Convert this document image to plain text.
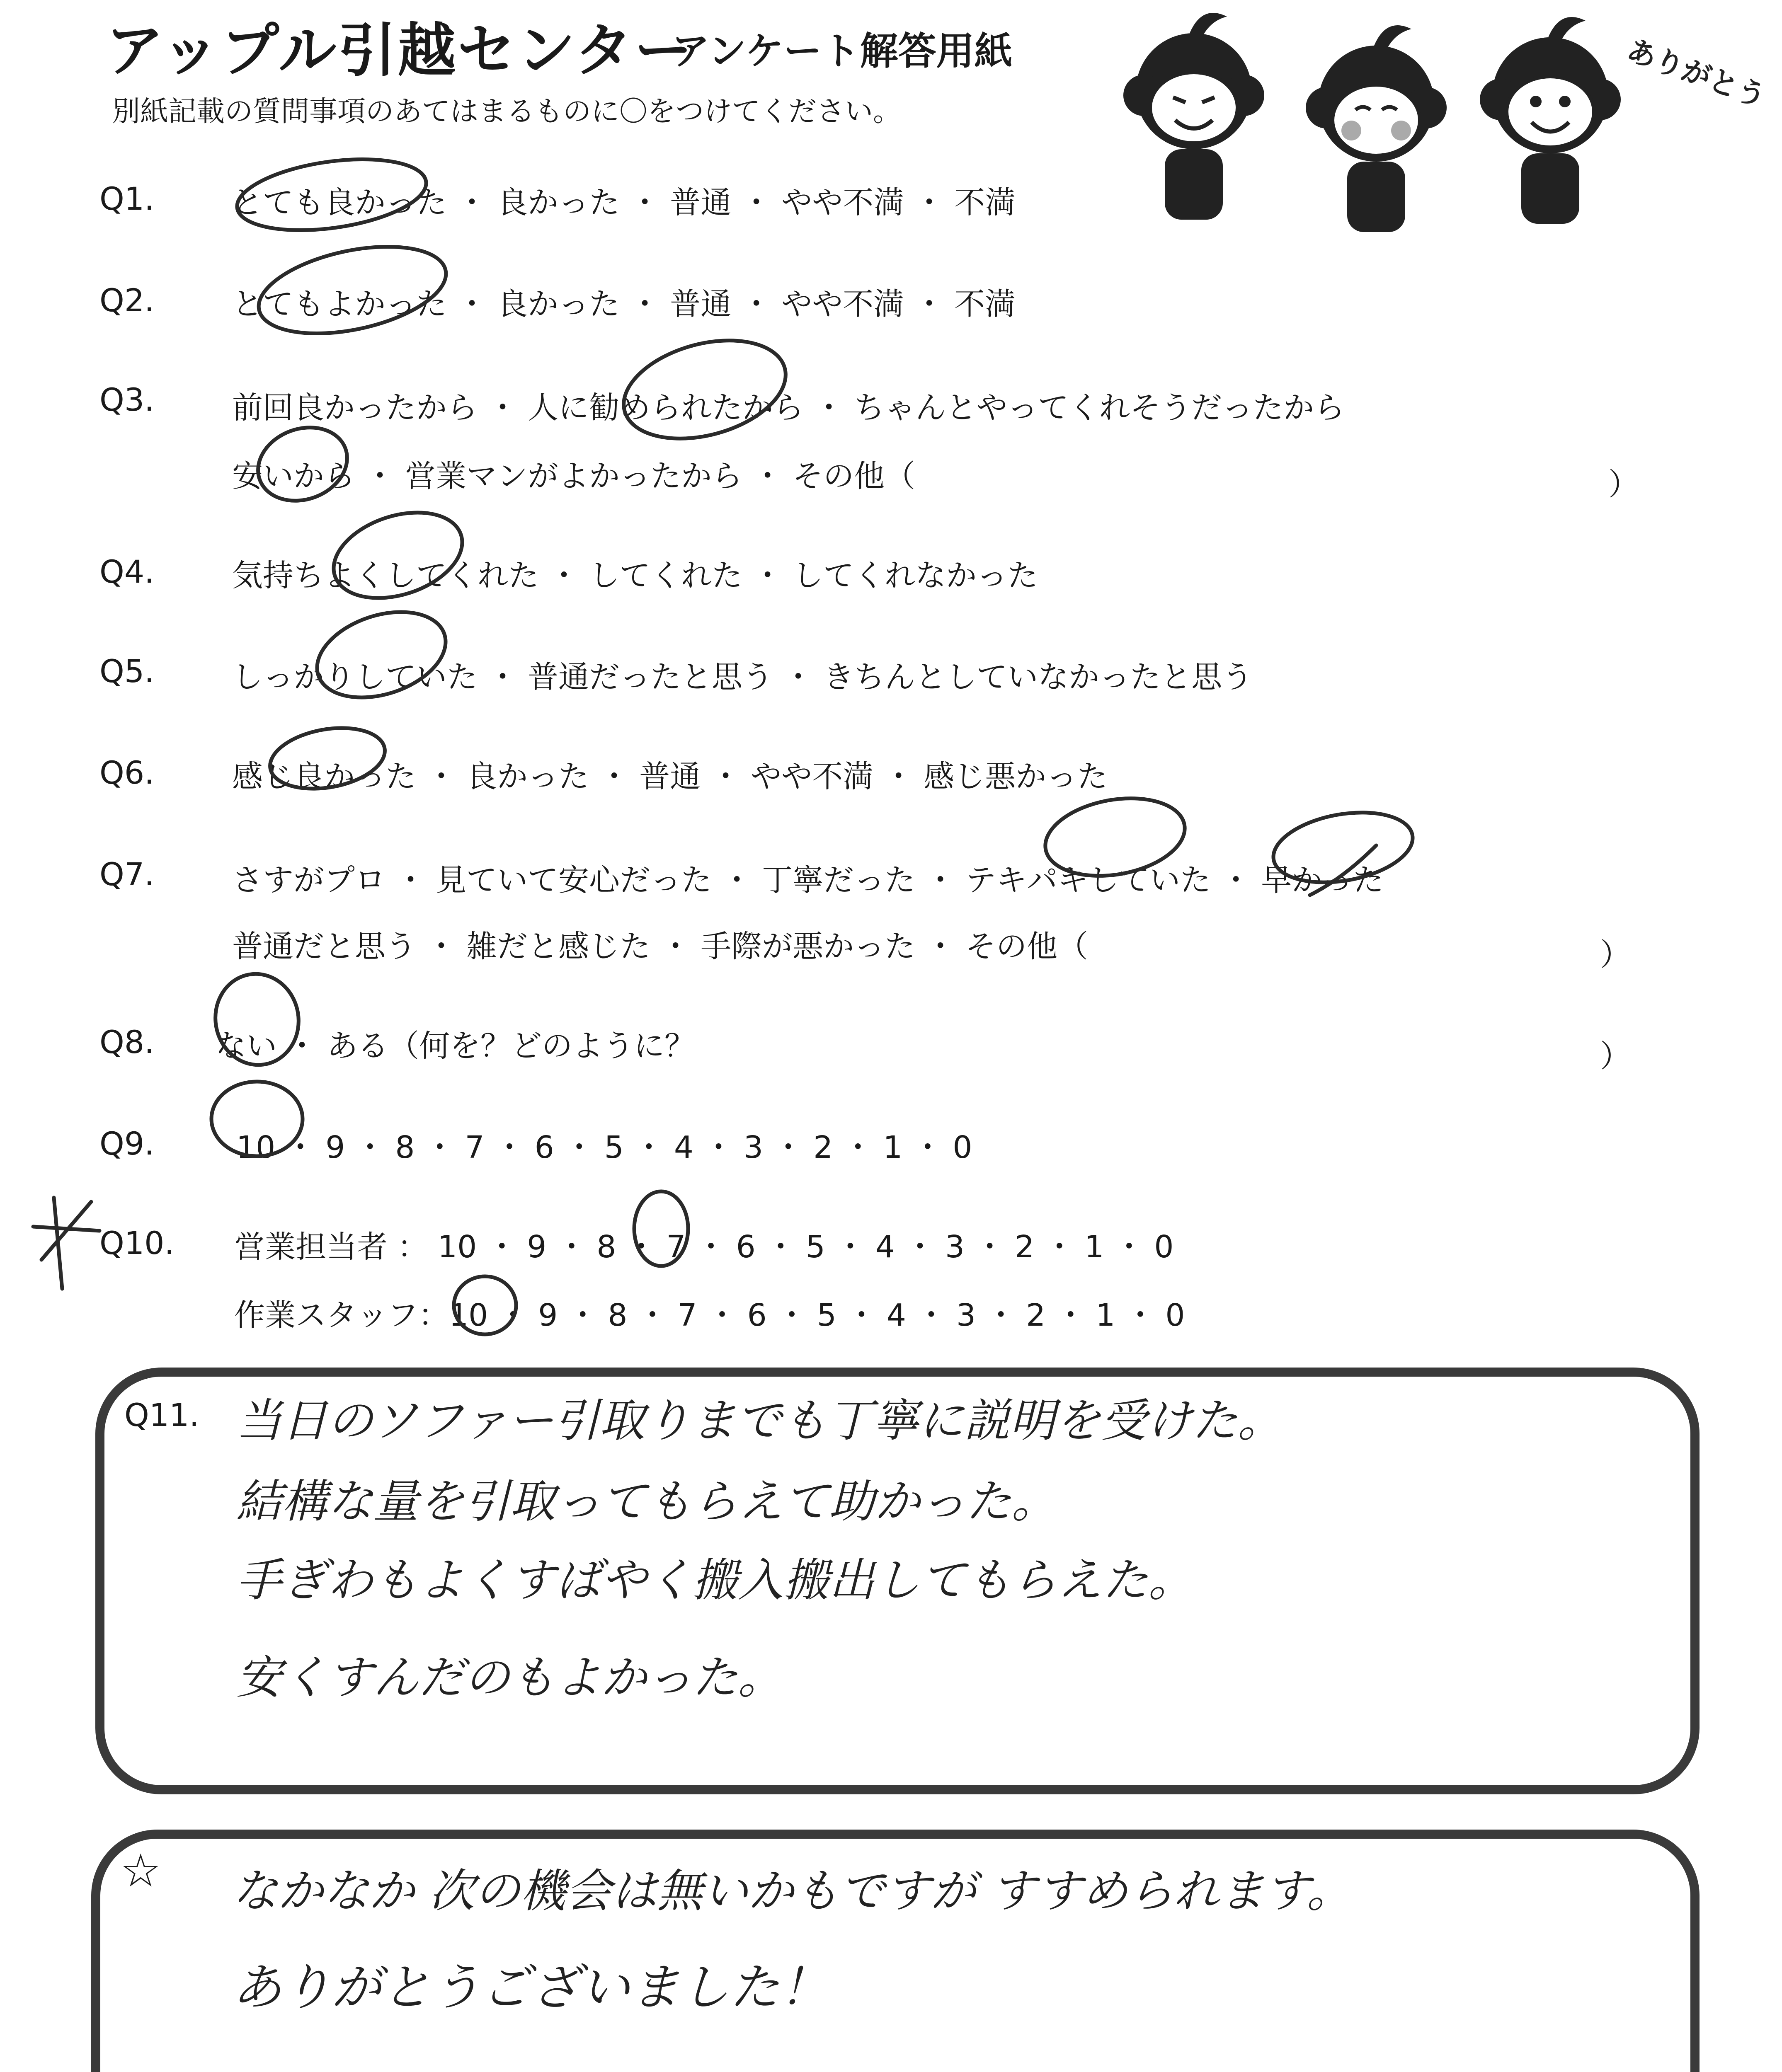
アップル引越センター
アンケート解答用紙
別紙記載の質問事項のあてはまるものに〇をつけてください。	ありがとう
Q1.	とても良かった ・ 良かった ・ 普通 ・ やや不満 ・ 不満
Q2.	とてもよかった ・ 良かった ・ 普通 ・ やや不満 ・ 不満
Q3.	前回良かったから ・ 人に勧められたから ・ ちゃんとやってくれそうだったから
安いから ・ 営業マンがよかったから ・ その他（	）
Q4.	気持ちよくしてくれた ・ してくれた ・ してくれなかった
Q5.	しっかりしていた ・ 普通だったと思う ・ きちんとしていなかったと思う
Q6.	感じ良かった ・ 良かった ・ 普通 ・ やや不満 ・ 感じ悪かった
Q7.	さすがプロ ・ 見ていて安心だった ・ 丁寧だった ・ テキパキしていた ・ 早かった
普通だと思う ・ 雑だと感じた ・ 手際が悪かった ・ その他（	）
Q8. ない ・ ある（何を？どのように？	）
Q9.	10 ・ 9 ・ 8 ・ 7 ・ 6 ・ 5 ・ 4 ・ 3 ・ 2 ・ 1 ・ 0
Q10. 営業担当者 ： 10 ・ 9 ・ 8 ・ 7 ・ 6 ・ 5 ・ 4 ・ 3 ・ 2 ・ 1 ・ 0
作業スタッフ：10 ・ 9 ・ 8 ・ 7 ・ 6 ・ 5 ・ 4 ・ 3 ・ 2 ・ 1 ・ 0
Q11. 当日のソファー引取りまでも丁寧に説明を受けた。
結構な量を引取ってもらえて助かった。
手ぎわもよくすばやく搬入搬出してもらえた。
安くすんだのもよかった。
☆ なかなか 次の機会は無いかもですが すすめられます。
ありがとうございました！
